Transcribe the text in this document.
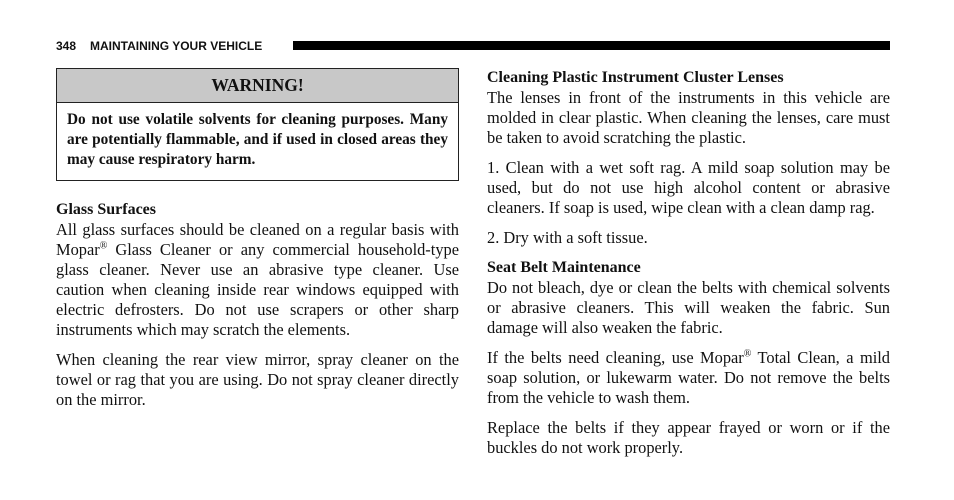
348 MAINTAINING YOUR VEHICLE
WARNING!
Do not use volatile solvents for cleaning purposes. Many are potentially flammable, and if used in closed areas they may cause respiratory harm.
Glass Surfaces

All glass surfaces should be cleaned on a regular basis with Mopar® Glass Cleaner or any commercial household-type glass cleaner. Never use an abrasive type cleaner. Use caution when cleaning inside rear windows equipped with electric defrosters. Do not use scrapers or other sharp instruments which may scratch the elements.

When cleaning the rear view mirror, spray cleaner on the towel or rag that you are using. Do not spray cleaner directly on the mirror.

Cleaning Plastic Instrument Cluster Lenses

The lenses in front of the instruments in this vehicle are molded in clear plastic. When cleaning the lenses, care must be taken to avoid scratching the plastic.

1. Clean with a wet soft rag. A mild soap solution may be used, but do not use high alcohol content or abrasive cleaners. If soap is used, wipe clean with a clean damp rag.

2. Dry with a soft tissue.

Seat Belt Maintenance

Do not bleach, dye or clean the belts with chemical solvents or abrasive cleaners. This will weaken the fabric. Sun damage will also weaken the fabric.

If the belts need cleaning, use Mopar® Total Clean, a mild soap solution, or lukewarm water. Do not remove the belts from the vehicle to wash them.

Replace the belts if they appear frayed or worn or if the buckles do not work properly.
